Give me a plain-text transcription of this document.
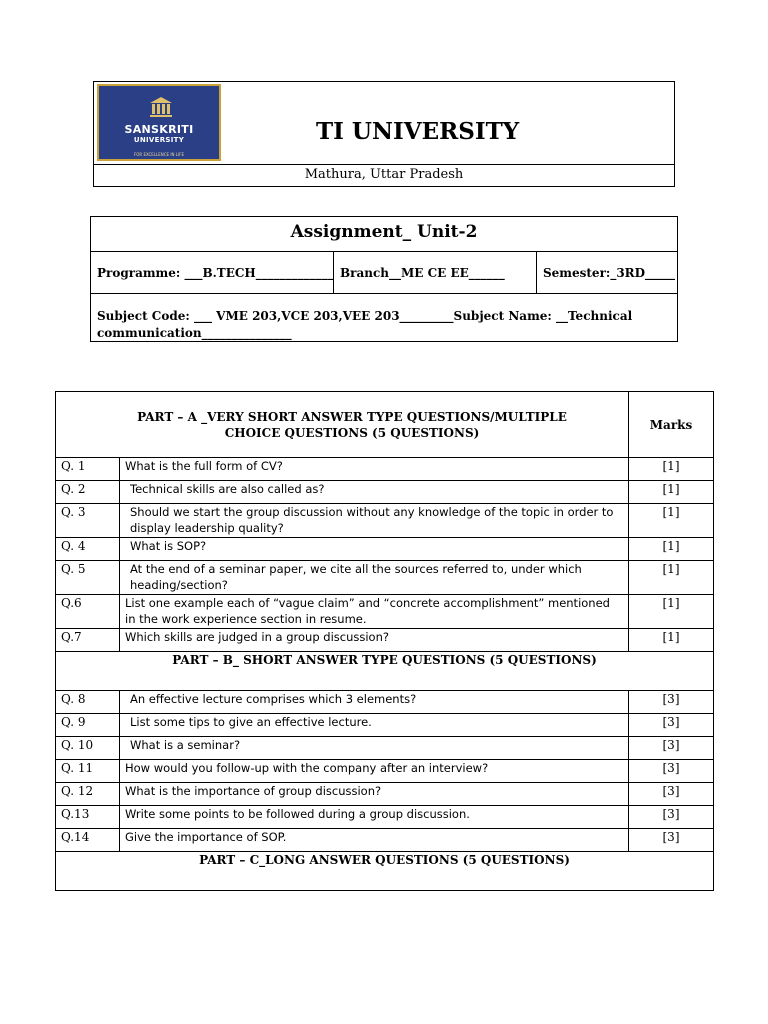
TI UNIVERSITY
Mathura, Uttar Pradesh
SANSKRITI
UNIVERSITY
FOR EXCELLENCE IN LIFE
Assignment_ Unit-2
Programme: ___B.TECH_____________ Branch__ME CE EE______	Semester:_3RD_____
Subject Code: ___ VME 203,VCE 203,VEE 203_________Subject Name: __Technical communication_______________
PART – A _VERY SHORT ANSWER TYPE QUESTIONS/MULTIPLE CHOICE QUESTIONS (5 QUESTIONS)		Marks
Q. 1	What is the full form of CV?	[1]
Q. 2	Technical skills are also called as?	[1]
Q. 3	Should we start the group discussion without any knowledge of the topic in order to display leadership quality?	[1]
Q. 4	What is SOP?	[1]
Q. 5	At the end of a seminar paper, we cite all the sources referred to, under which heading/section?	[1]
Q.6	List one example each of “vague claim” and “concrete accomplishment” mentioned in the work experience section in resume.	[1]
Q.7	Which skills are judged in a group discussion?	[1]
PART – B_ SHORT ANSWER TYPE QUESTIONS (5 QUESTIONS)		
Q. 8	An effective lecture comprises which 3 elements?	[3]
Q. 9	List some tips to give an effective lecture.	[3]
Q. 10	What is a seminar?	[3]
Q. 11	How would you follow-up with the company after an interview?	[3]
Q. 12	What is the importance of group discussion?	[3]
Q.13	Write some points to be followed during a group discussion.	[3]
Q.14	Give the importance of SOP.	[3]
PART – C_LONG ANSWER QUESTIONS (5 QUESTIONS)		
